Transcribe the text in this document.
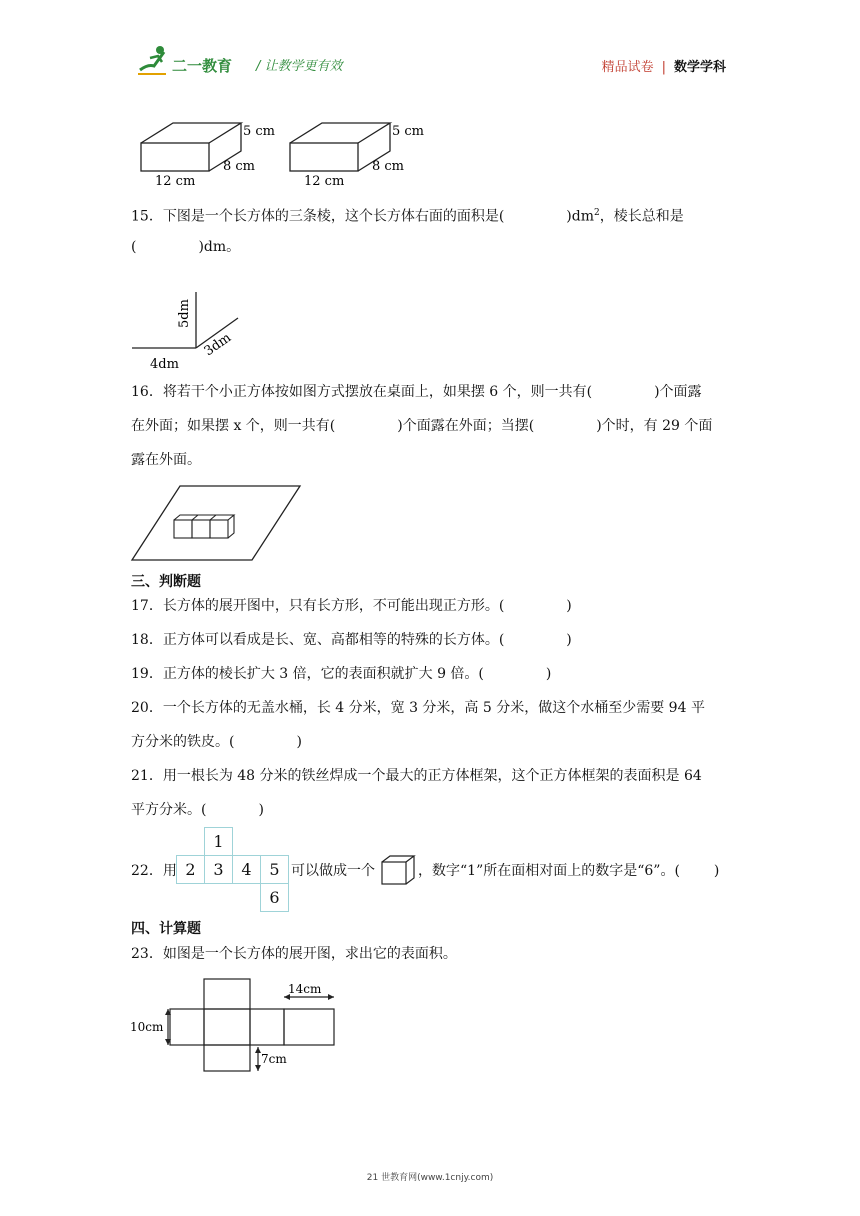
二一教育 / 让教学更有效	精品试卷 | 数学学科
5 cm
8 cm
12 cm
5 cm
8 cm
12 cm
15．下图是一个长方体的三条棱，这个长方体右面的面积是(	)$dm^2$，棱长总和是
(	)dm。
5dm
4dm
3dm
16．将若干个小正方体按如图方式摆放在桌面上，如果摆 6 个，则一共有(	)个面露
在外面；如果摆 x 个，则一共有(	)个面露在外面；当摆(	)个时，有 29 个面
露在外面。
三、判断题
17．长方体的展开图中，只有长方形，不可能出现正方形。(	)
18．正方体可以看成是长、宽、高都相等的特殊的长方体。(	)
19．正方体的棱长扩大 3 倍，它的表面积就扩大 9 倍。(	)
20．一个长方体的无盖水桶，长 4 分米，宽 3 分米，高 5 分米，做这个水桶至少需要 94 平
方分米的铁皮。(	)
21．用一根长为 48 分米的铁丝焊成一个最大的正方体框架，这个正方体框架的表面积是 64
平方分米。(	)
22．用
	1		
2	3	4	5
			6
可以做成一个	，数字“1”所在面相对面上的数字是“6”。( )
四、计算题
23．如图是一个长方体的展开图，求出它的表面积。
14cm
10cm
7cm
21 世教育网(www.1cnjy.com)
